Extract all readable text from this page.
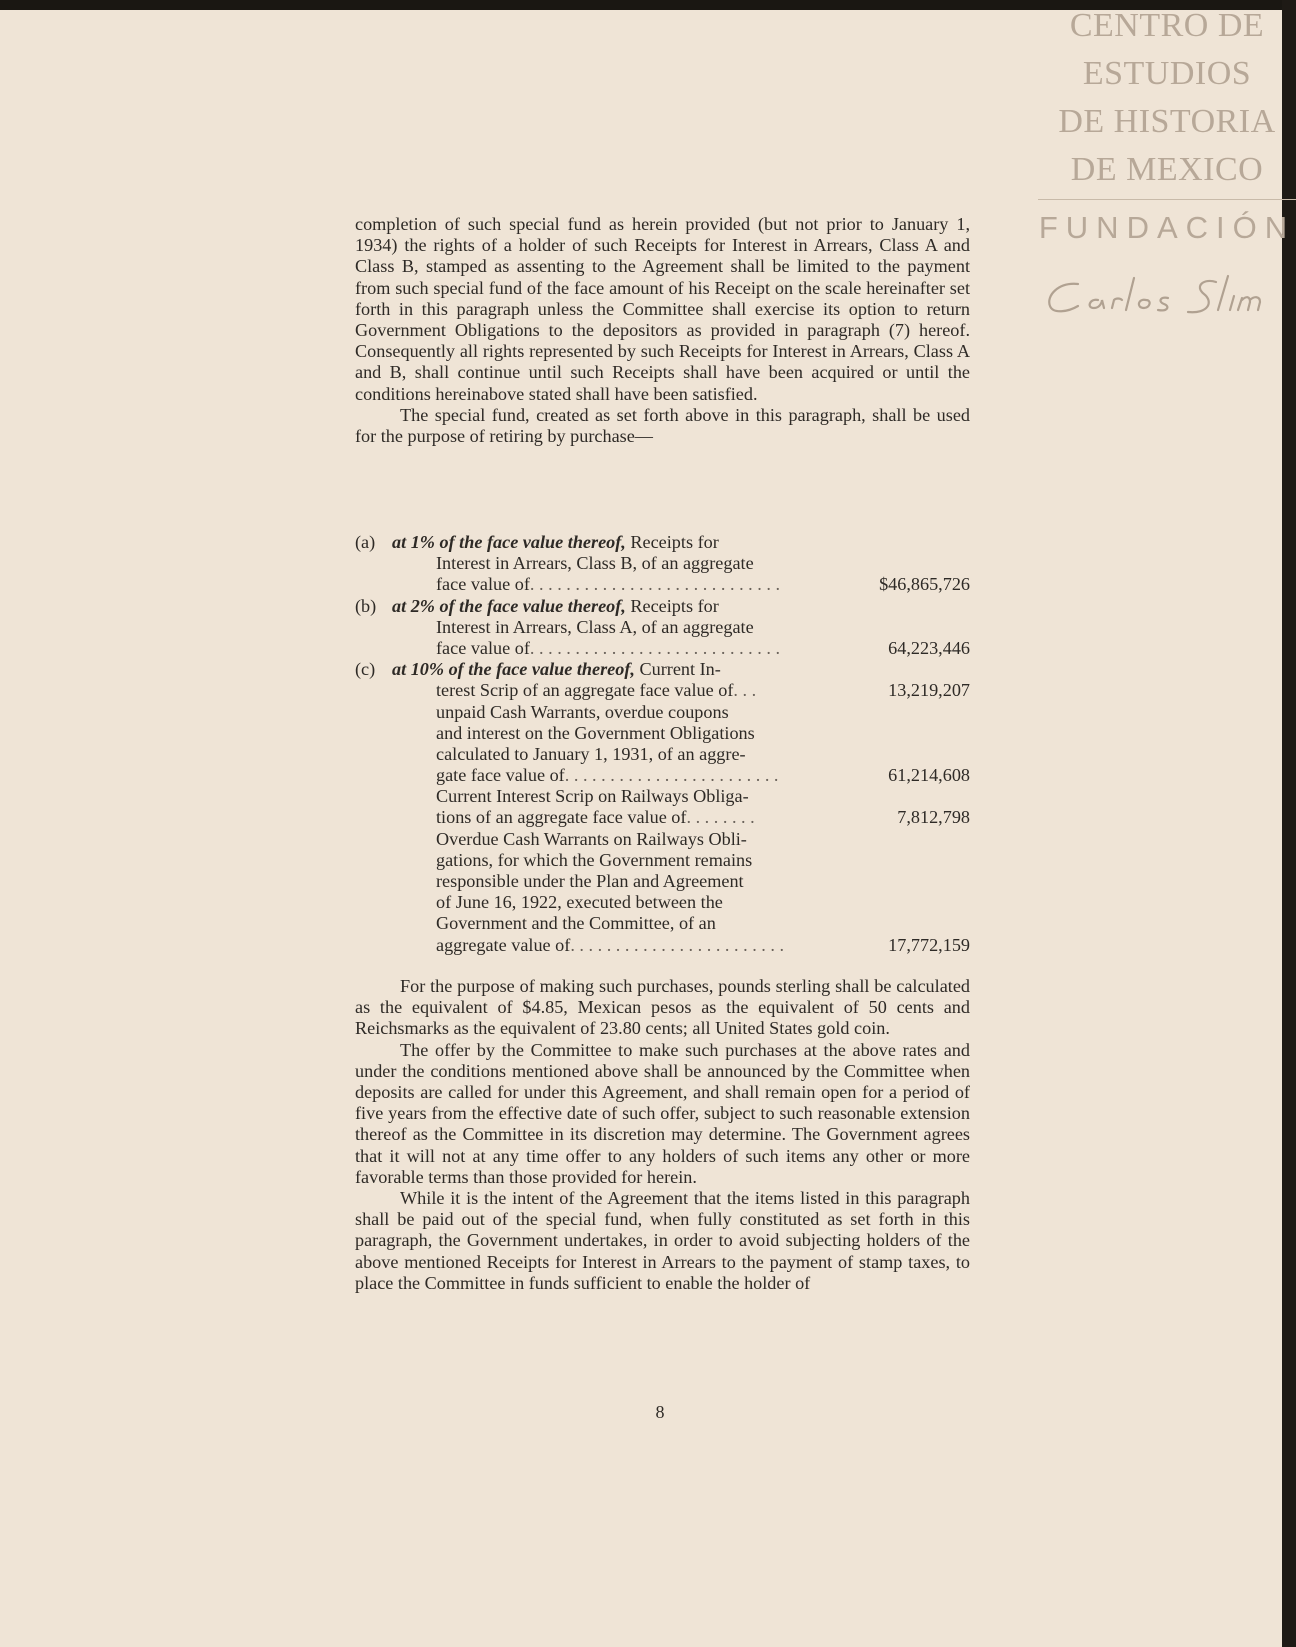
CENTRO DE
ESTUDIOS
DE HISTORIA
DE MEXICO
FUNDACIÓN

completion of such special fund as herein provided (but not prior to January 1, 1934) the rights of a holder of such Receipts for Interest in Arrears, Class A and Class B, stamped as assenting to the Agreement shall be limited to the payment from such special fund of the face amount of his Receipt on the scale hereinafter set forth in this paragraph unless the Committee shall exercise its option to return Government Obligations to the depositors as provided in paragraph (7) hereof. Consequently all rights represented by such Receipts for Interest in Arrears, Class A and B, shall continue until such Receipts shall have been acquired or until the conditions hereinabove stated shall have been satisfied.

The special fund, created as set forth above in this paragraph, shall be used for the purpose of retiring by purchase—

(a) at 1% of the face value thereof, Receipts for
Interest in Arrears, Class B, of an aggregate
face value of. . . . . . . . . . . . . . . . . . . . . . . . . . . .	$46,865,726
(b) at 2% of the face value thereof, Receipts for
Interest in Arrears, Class A, of an aggregate
face value of. . . . . . . . . . . . . . . . . . . . . . . . . . . .	64,223,446
(c) at 10% of the face value thereof, Current In-
terest Scrip of an aggregate face value of. . .	13,219,207
unpaid Cash Warrants, overdue coupons
and interest on the Government Obligations
calculated to January 1, 1931, of an aggre-
gate face value of. . . . . . . . . . . . . . . . . . . . . . . .	61,214,608
Current Interest Scrip on Railways Obliga-
tions of an aggregate face value of. . . . . . . .	7,812,798
Overdue Cash Warrants on Railways Obli-
gations, for which the Government remains
responsible under the Plan and Agreement
of June 16, 1922, executed between the
Government and the Committee, of an
aggregate value of. . . . . . . . . . . . . . . . . . . . . . . .	17,772,159

For the purpose of making such purchases, pounds sterling shall be calculated as the equivalent of $4.85, Mexican pesos as the equivalent of 50 cents and Reichsmarks as the equivalent of 23.80 cents; all United States gold coin.

The offer by the Committee to make such purchases at the above rates and under the conditions mentioned above shall be announced by the Committee when deposits are called for under this Agreement, and shall remain open for a period of five years from the effective date of such offer, subject to such reasonable extension thereof as the Committee in its discretion may determine. The Government agrees that it will not at any time offer to any holders of such items any other or more favorable terms than those provided for herein.

While it is the intent of the Agreement that the items listed in this paragraph shall be paid out of the special fund, when fully constituted as set forth in this paragraph, the Government undertakes, in order to avoid subjecting holders of the above mentioned Receipts for Interest in Arrears to the payment of stamp taxes, to place the Committee in funds sufficient to enable the holder of

8
